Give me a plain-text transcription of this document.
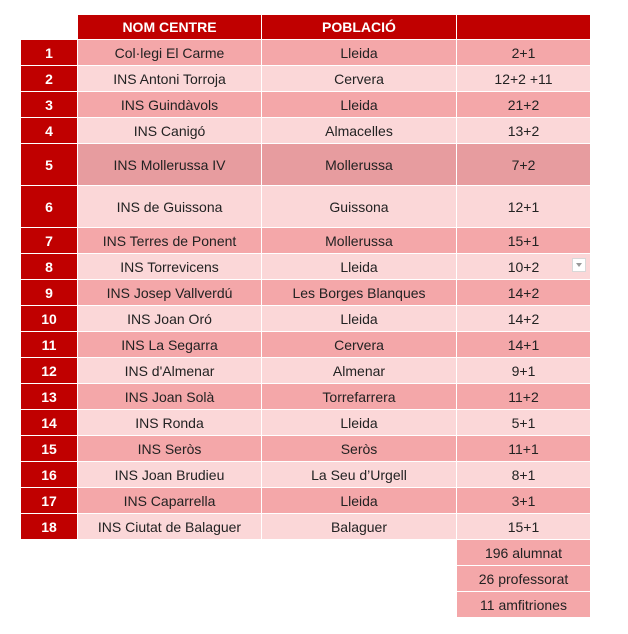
	NOM CENTRE	POBLACIÓ	
1	Col·legi El Carme	Lleida	2+1
2	INS Antoni Torroja	Cervera	12+2 +11
3	INS Guindàvols	Lleida	21+2
4	INS Canigó	Almacelles	13+2
5	INS Mollerussa IV	Mollerussa	7+2
6	INS de Guissona	Guissona	12+1
7	INS Terres de Ponent	Mollerussa	15+1
8	INS Torrevicens	Lleida	10+2
9	INS Josep Vallverdú	Les Borges Blanques	14+2
10	INS Joan Oró	Lleida	14+2
11	INS La Segarra	Cervera	14+1
12	INS d'Almenar	Almenar	9+1
13	INS Joan Solà	Torrefarrera	11+2
14	INS Ronda	Lleida	5+1
15	INS Seròs	Seròs	11+1
16	INS Joan Brudieu	La Seu d’Urgell	8+1
17	INS Caparrella	Lleida	3+1
18	INS Ciutat de Balaguer	Balaguer	15+1
			196 alumnat
			26 professorat
			11 amfitriones
